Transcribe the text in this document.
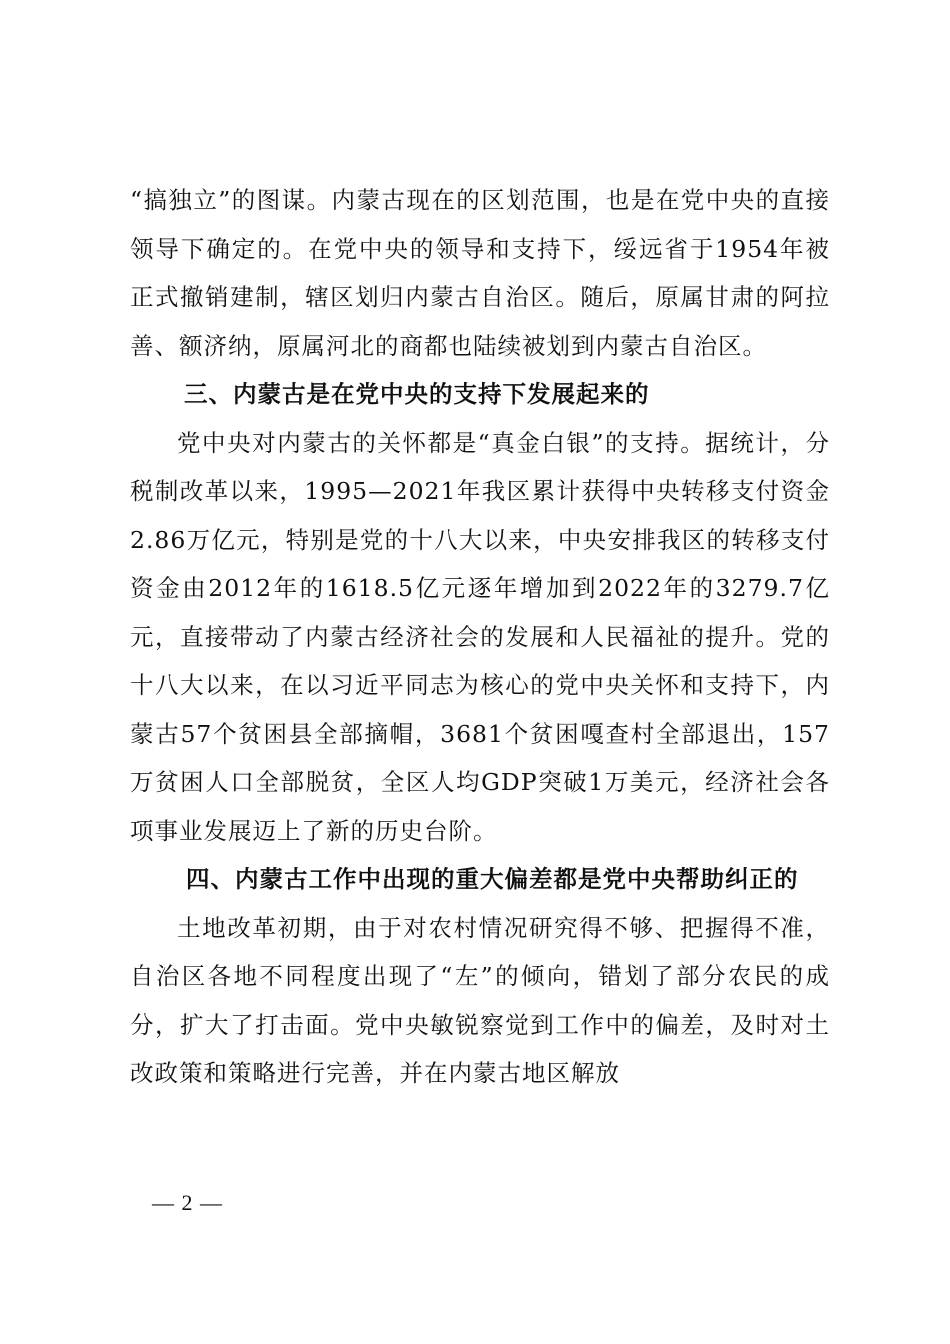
“搞独立”的图谋。内蒙古现在的区划范围，也是在党中央的直接领导下确定的。在党中央的领导和支持下，绥远省于1954年被正式撤销建制，辖区划归内蒙古自治区。随后，原属甘肃的阿拉善、额济纳，原属河北的商都也陆续被划到内蒙古自治区。

三、内蒙古是在党中央的支持下发展起来的

党中央对内蒙古的关怀都是“真金白银”的支持。据统计，分税制改革以来，1995—2021年我区累计获得中央转移支付资金2.86万亿元，特别是党的十八大以来，中央安排我区的转移支付资金由2012年的1618.5亿元逐年增加到2022年的3279.7亿元，直接带动了内蒙古经济社会的发展和人民福祉的提升。党的十八大以来，在以习近平同志为核心的党中央关怀和支持下，内蒙古57个贫困县全部摘帽，3681个贫困嘎查村全部退出，157万贫困人口全部脱贫，全区人均GDP突破1万美元，经济社会各项事业发展迈上了新的历史台阶。

四、内蒙古工作中出现的重大偏差都是党中央帮助纠正的

土地改革初期，由于对农村情况研究得不够、把握得不准，自治区各地不同程度出现了“左”的倾向，错划了部分农民的成分，扩大了打击面。党中央敏锐察觉到工作中的偏差，及时对土改政策和策略进行完善，并在内蒙古地区解放

— 2 —
